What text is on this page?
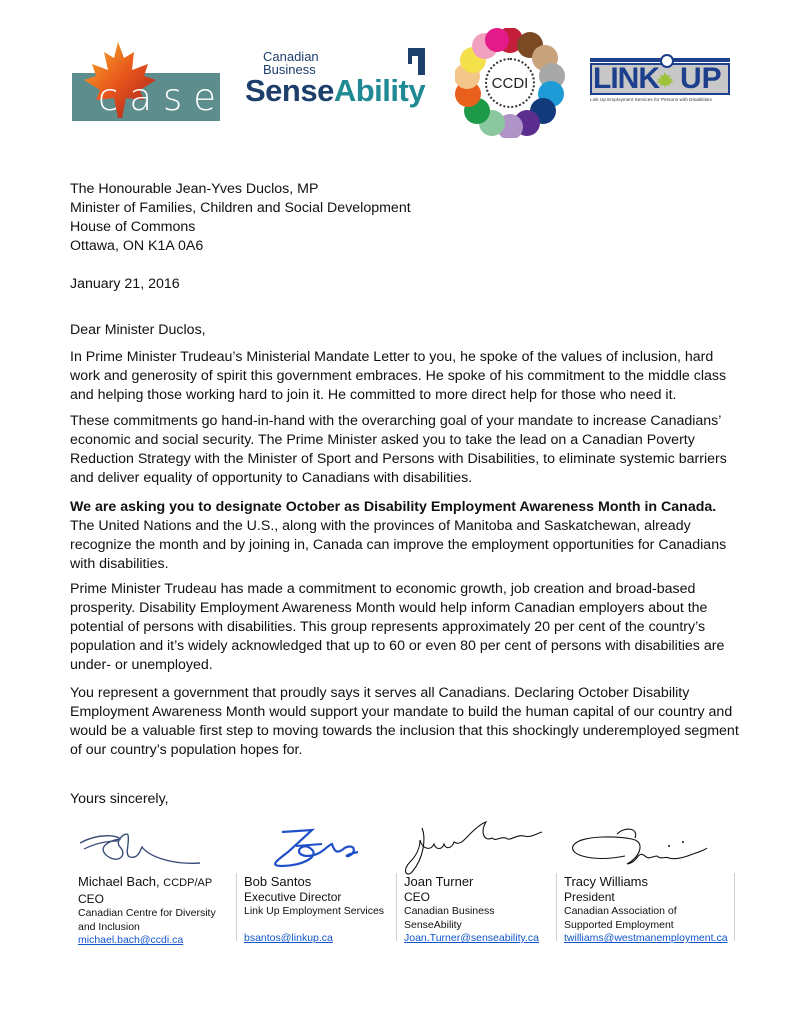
case
Canadian
Business
SenseAbility	CCDI LINK UP
Link Up Employment Services for Persons with Disabilities
The Honourable Jean-Yves Duclos, MP
Minister of Families, Children and Social Development
House of Commons
Ottawa, ON K1A 0A6
January 21, 2016
Dear Minister Duclos,
In Prime Minister Trudeau’s Ministerial Mandate Letter to you, he spoke of the values of inclusion, hard work and generosity of spirit this government embraces. He spoke of his commitment to the middle class and helping those working hard to join it. He committed to more direct help for those who need it.
These commitments go hand-in-hand with the overarching goal of your mandate to increase Canadians’ economic and social security. The Prime Minister asked you to take the lead on a Canadian Poverty Reduction Strategy with the Minister of Sport and Persons with Disabilities, to eliminate systemic barriers and deliver equality of opportunity to Canadians with disabilities.
We are asking you to designate October as Disability Employment Awareness Month in Canada. The United Nations and the U.S., along with the provinces of Manitoba and Saskatchewan, already recognize the month and by joining in, Canada can improve the employment opportunities for Canadians with disabilities.
Prime Minister Trudeau has made a commitment to economic growth, job creation and broad-based prosperity. Disability Employment Awareness Month would help inform Canadian employers about the potential of persons with disabilities. This group represents approximately 20 per cent of the country’s population and it’s widely acknowledged that up to 60 or even 80 per cent of persons with disabilities are under- or unemployed.
You represent a government that proudly says it serves all Canadians. Declaring October Disability Employment Awareness Month would support your mandate to build the human capital of our country and would be a valuable first step to moving towards the inclusion that this shockingly underemployed segment of our country’s population hopes for.
Yours sincerely,
Michael Bach, CCDP/AP
CEO
Canadian Centre for Diversity
and Inclusion
michael.bach@ccdi.ca
Bob Santos
Executive Director
Link Up Employment Services
bsantos@linkup.ca
Joan Turner
CEO
Canadian Business
SenseAbility
Joan.Turner@senseability.ca
Tracy Williams
President
Canadian Association of
Supported Employment
twilliams@westmanemployment.ca
